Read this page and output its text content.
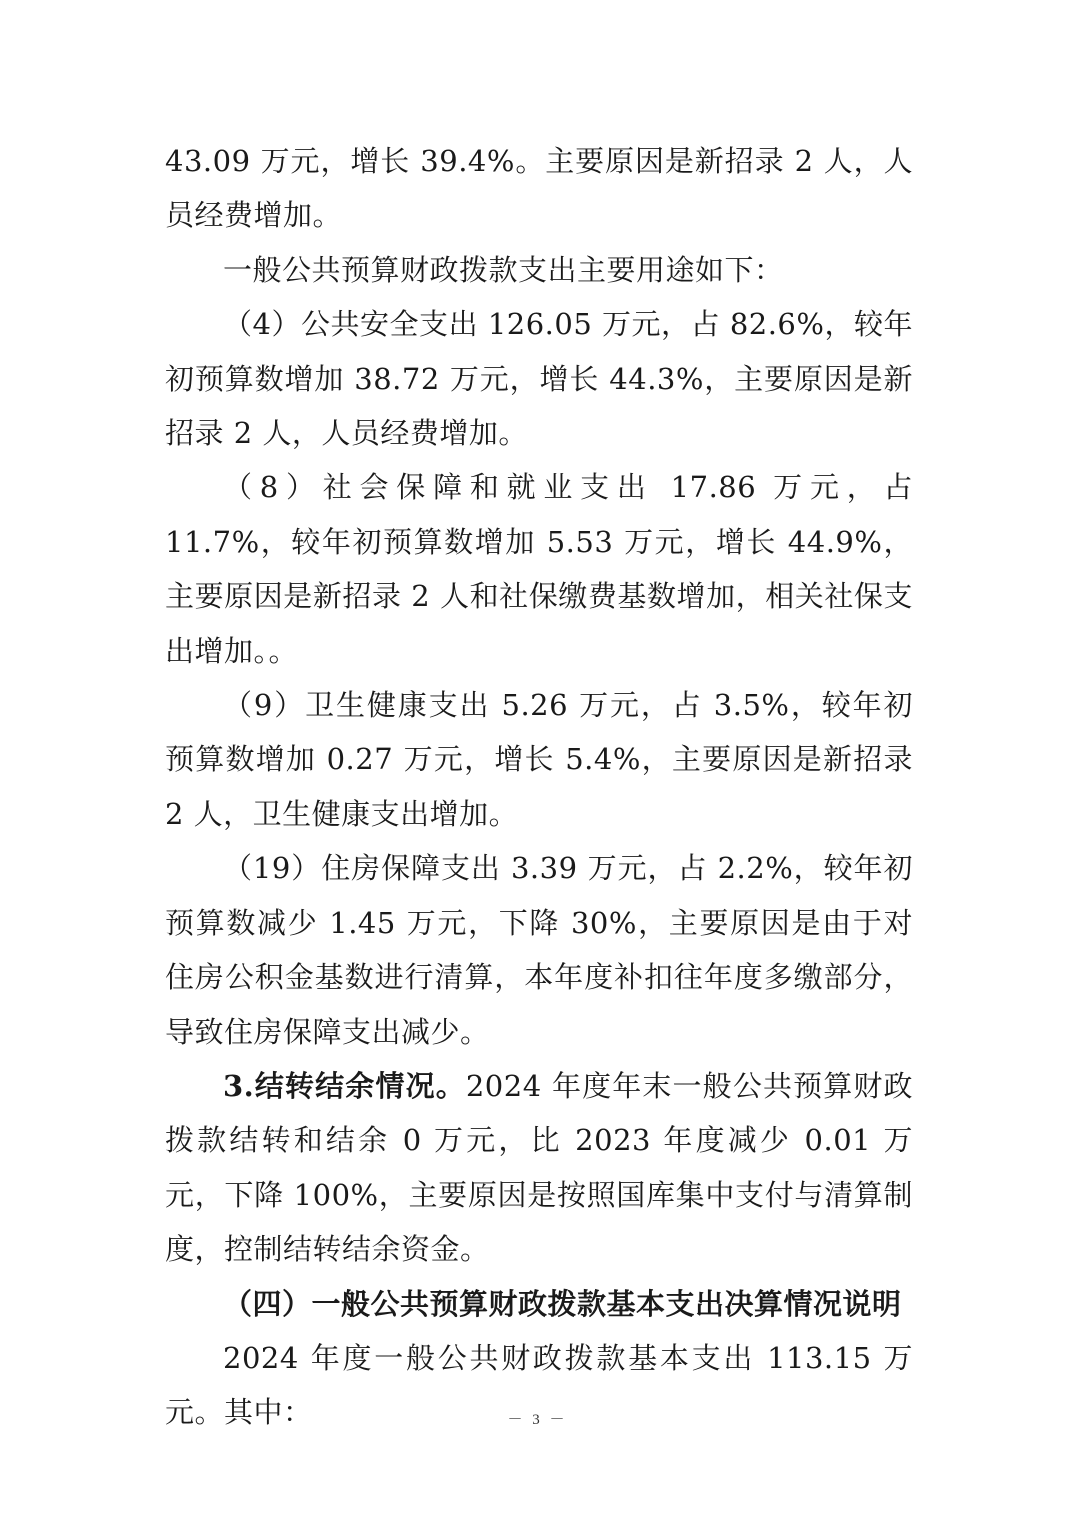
43.09 万元，增长 39.4%。主要原因是新招录 2 人，人员经费增加。

一般公共预算财政拨款支出主要用途如下：

（4）公共安全支出 126.05 万元，占 82.6%，较年初预算数增加 38.72 万元，增长 44.3%，主要原因是新招录 2 人，人员经费增加。

（8）社会保障和就业支出 17.86 万元，占 11.7%，较年初预算数增加 5.53 万元，增长 44.9%，主要原因是新招录 2 人和社保缴费基数增加，相关社保支出增加。。

（9）卫生健康支出 5.26 万元，占 3.5%，较年初预算数增加 0.27 万元，增长 5.4%，主要原因是新招录 2 人，卫生健康支出增加。

（19）住房保障支出 3.39 万元，占 2.2%，较年初预算数减少 1.45 万元，下降 30%，主要原因是由于对住房公积金基数进行清算，本年度补扣往年度多缴部分，导致住房保障支出减少。

3.结转结余情况。2024 年度年末一般公共预算财政拨款结转和结余 0 万元，比 2023 年度减少 0.01 万元，下降 100%，主要原因是按照国库集中支付与清算制度，控制结转结余资金。

（四）一般公共预算财政拨款基本支出决算情况说明

2024 年度一般公共财政拨款基本支出 113.15 万元。其中：	－ 3 －
